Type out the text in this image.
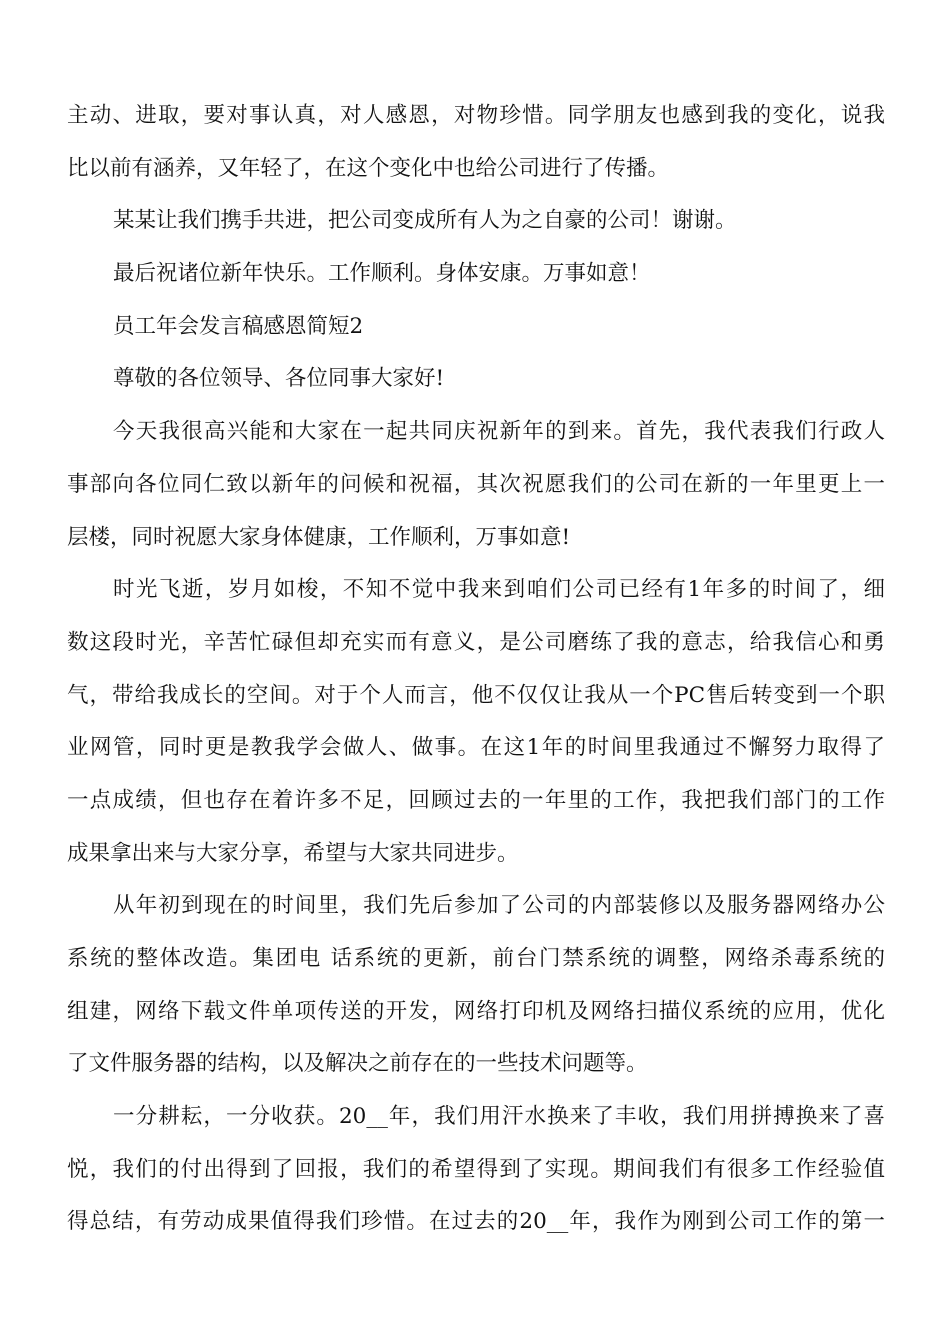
主动、进取，要对事认真，对人感恩，对物珍惜。同学朋友也感到我的变化，说我
比以前有涵养，又年轻了，在这个变化中也给公司进行了传播。
某某让我们携手共进，把公司变成所有人为之自豪的公司！谢谢。
最后祝诸位新年快乐。工作顺利。身体安康。万事如意！
员工年会发言稿感恩简短2
尊敬的各位领导、各位同事大家好!
今天我很高兴能和大家在一起共同庆祝新年的到来。首先，我代表我们行政人
事部向各位同仁致以新年的问候和祝福，其次祝愿我们的公司在新的一年里更上一
层楼，同时祝愿大家身体健康，工作顺利，万事如意!
时光飞逝，岁月如梭，不知不觉中我来到咱们公司已经有1年多的时间了，细
数这段时光，辛苦忙碌但却充实而有意义，是公司磨练了我的意志，给我信心和勇
气，带给我成长的空间。对于个人而言，他不仅仅让我从一个PC售后转变到一个职
业网管，同时更是教我学会做人、做事。在这1年的时间里我通过不懈努力取得了
一点成绩，但也存在着许多不足，回顾过去的一年里的工作，我把我们部门的工作
成果拿出来与大家分享，希望与大家共同进步。
从年初到现在的时间里，我们先后参加了公司的内部装修以及服务器网络办公
系统的整体改造。集团电 话系统的更新，前台门禁系统的调整，网络杀毒系统的
组建，网络下载文件单项传送的开发，网络打印机及网络扫描仪系统的应用，优化
了文件服务器的结构，以及解决之前存在的一些技术问题等。
一分耕耘，一分收获。20__年，我们用汗水换来了丰收，我们用拼搏换来了喜
悦，我们的付出得到了回报，我们的希望得到了实现。期间我们有很多工作经验值
得总结，有劳动成果值得我们珍惜。在过去的20__年，我作为刚到公司工作的第一
